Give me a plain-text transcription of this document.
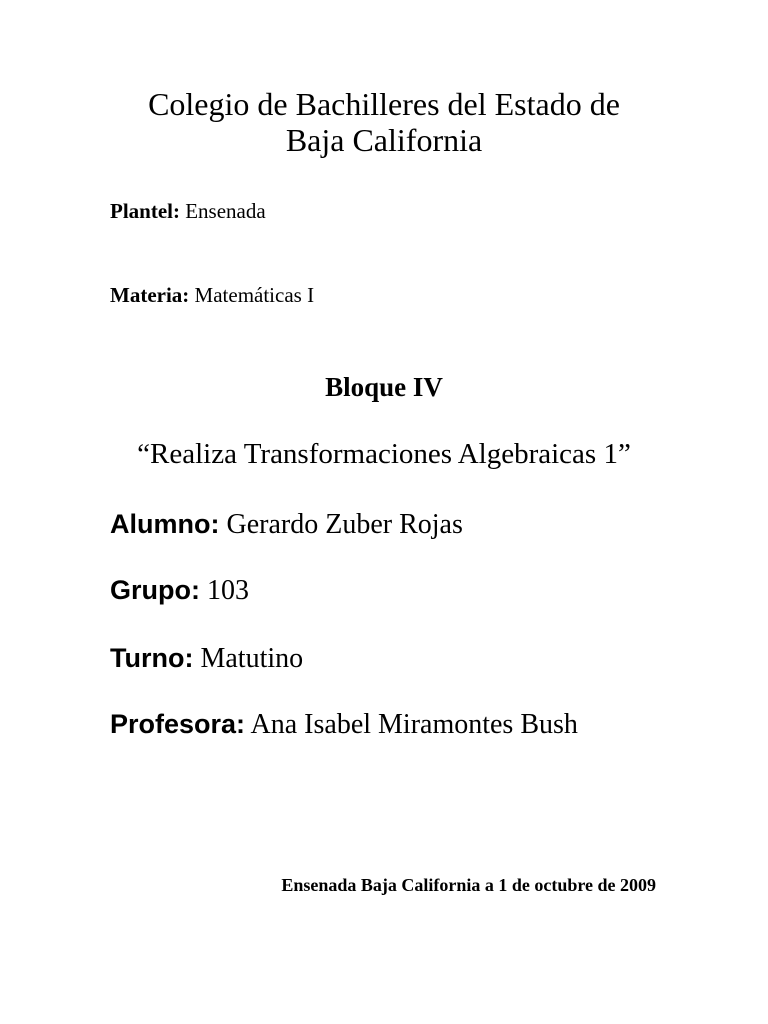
Colegio de Bachilleres del Estado de
Baja California
Plantel: Ensenada
Materia: Matemáticas I
Bloque IV
“Realiza Transformaciones Algebraicas 1”
Alumno: Gerardo Zuber Rojas
Grupo: 103
Turno: Matutino
Profesora: Ana Isabel Miramontes Bush
Ensenada Baja California a 1 de octubre de 2009
